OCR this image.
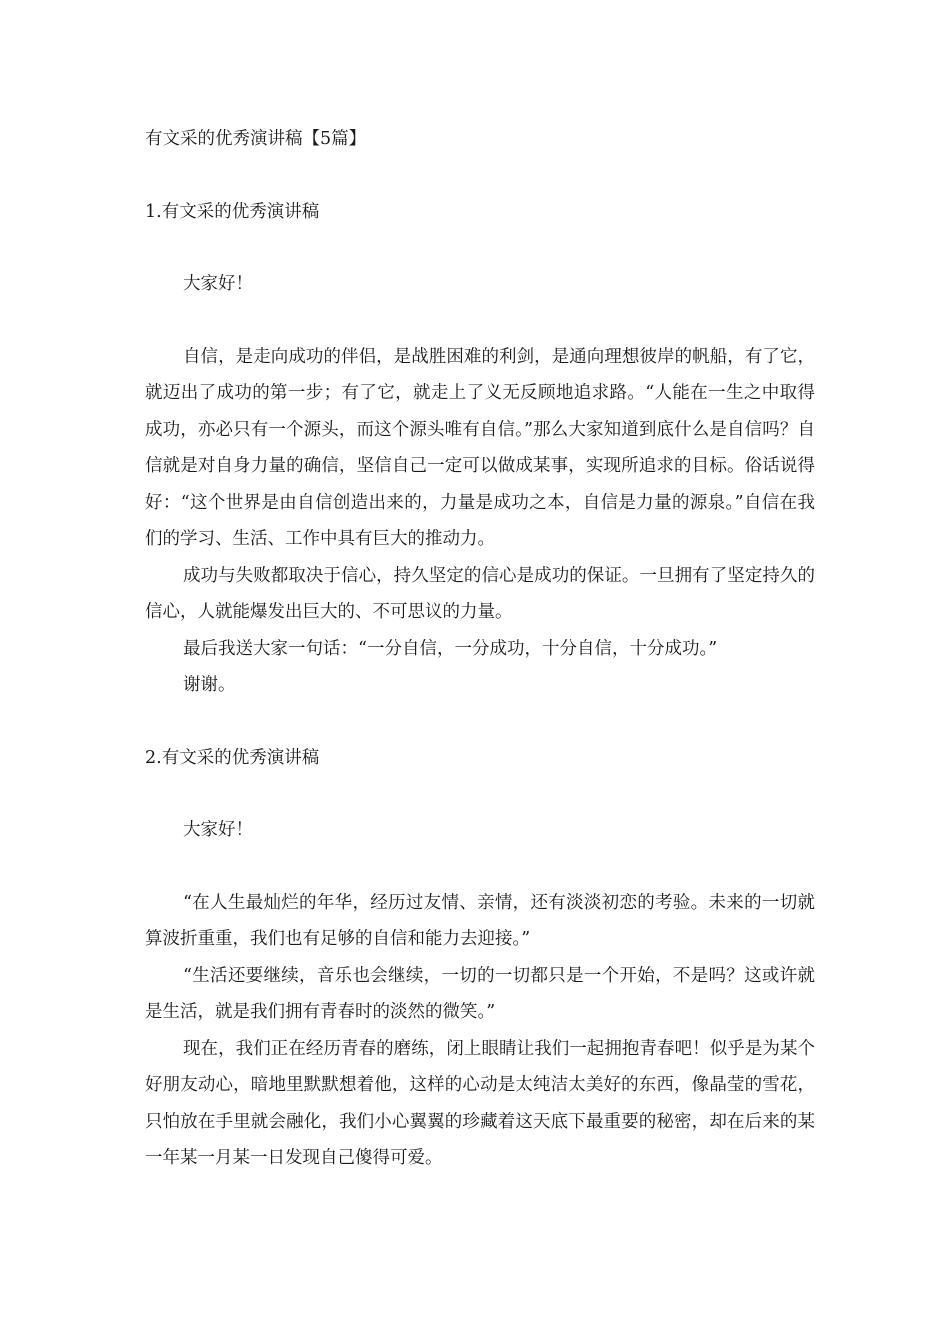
有文采的优秀演讲稿【5篇】
1.有文采的优秀演讲稿

大家好！

自信，是走向成功的伴侣，是战胜困难的利剑，是通向理想彼岸的帆船，有了它，就迈出了成功的第一步；有了它，就走上了义无反顾地追求路。“人能在一生之中取得成功，亦必只有一个源头，而这个源头唯有自信。”那么大家知道到底什么是自信吗？自信就是对自身力量的确信，坚信自己一定可以做成某事，实现所追求的目标。俗话说得好：“这个世界是由自信创造出来的，力量是成功之本，自信是力量的源泉。”自信在我们的学习、生活、工作中具有巨大的推动力。

成功与失败都取决于信心，持久坚定的信心是成功的保证。一旦拥有了坚定持久的信心，人就能爆发出巨大的、不可思议的力量。

最后我送大家一句话：“一分自信，一分成功，十分自信，十分成功。”

谢谢。

2.有文采的优秀演讲稿

大家好！

“在人生最灿烂的年华，经历过友情、亲情，还有淡淡初恋的考验。未来的一切就算波折重重，我们也有足够的自信和能力去迎接。”

“生活还要继续，音乐也会继续，一切的一切都只是一个开始，不是吗？这或许就是生活，就是我们拥有青春时的淡然的微笑。”

现在，我们正在经历青春的磨练，闭上眼睛让我们一起拥抱青春吧！似乎是为某个好朋友动心，暗地里默默想着他，这样的心动是太纯洁太美好的东西，像晶莹的雪花，只怕放在手里就会融化，我们小心翼翼的珍藏着这天底下最重要的秘密，却在后来的某一年某一月某一日发现自己傻得可爱。
